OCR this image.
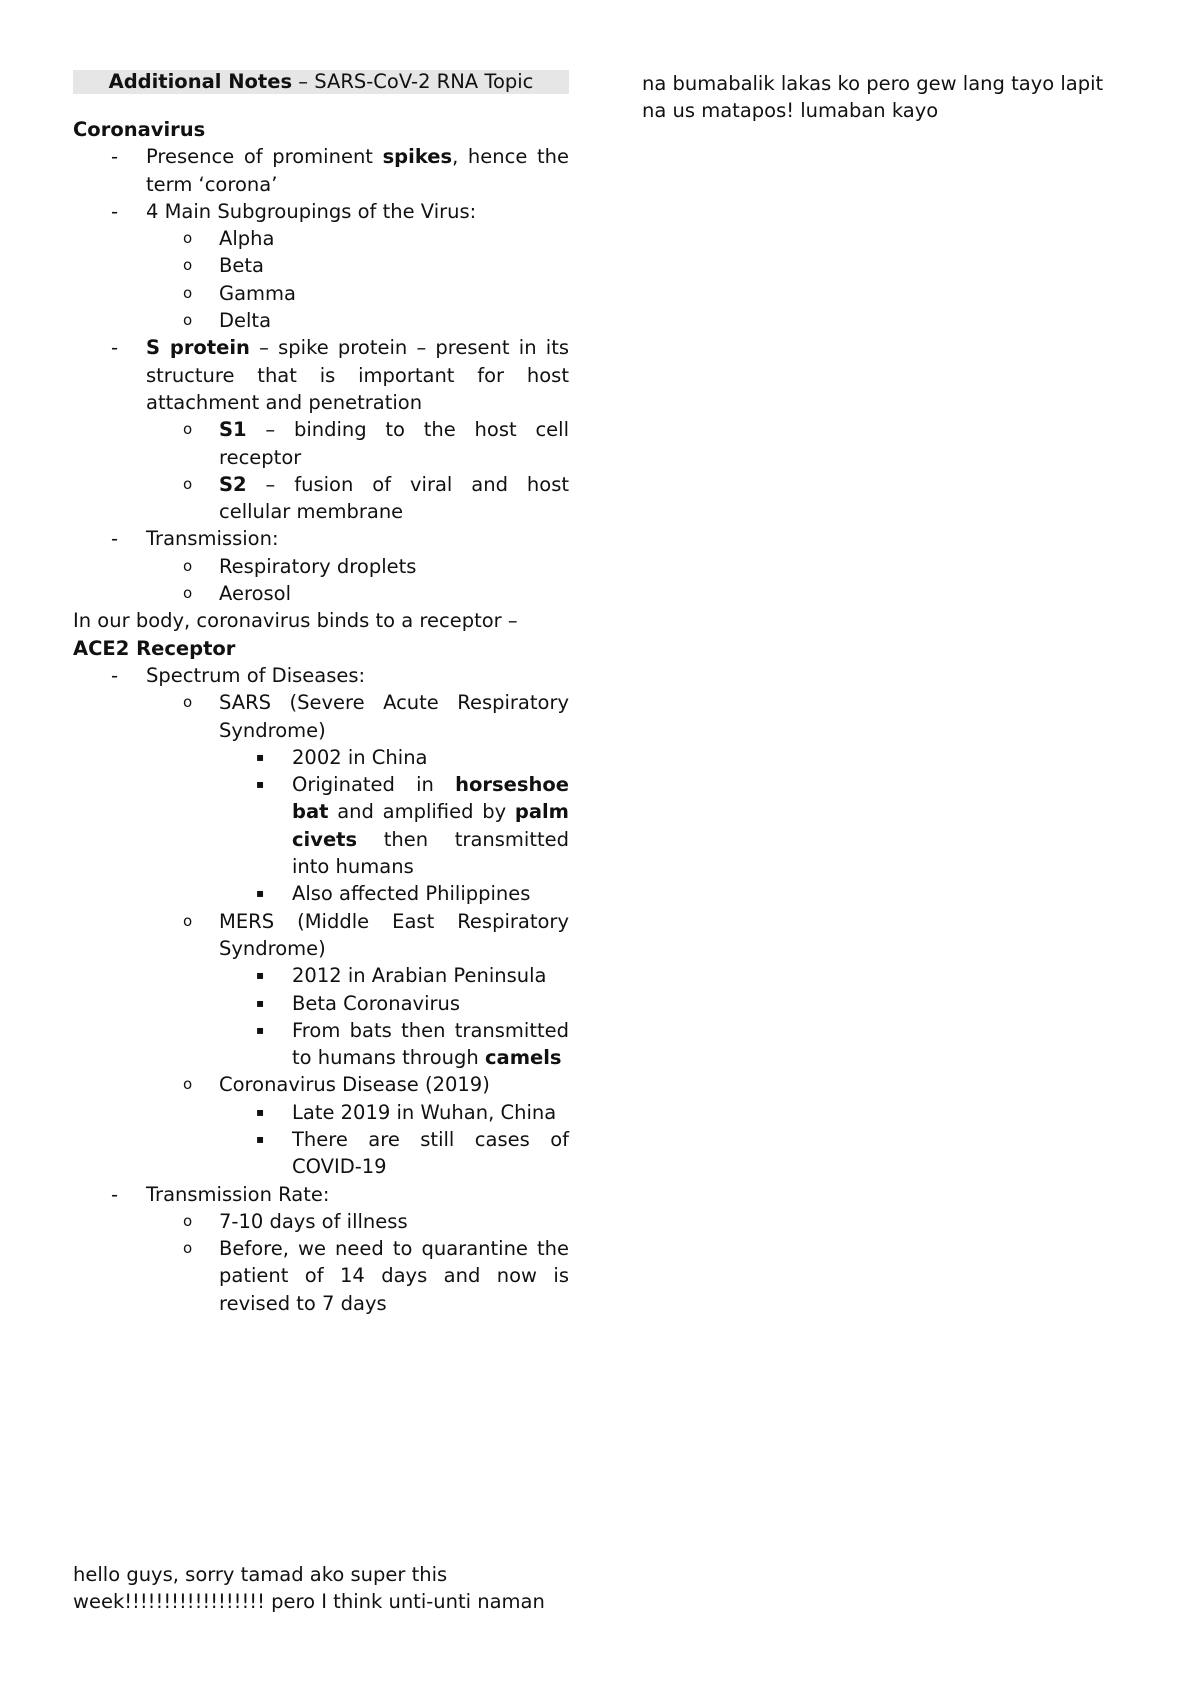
Additional Notes – SARS-CoV-2 RNA Topic

Coronavirus

- Presence of prominent spikes, hence the term ‘corona’
- 4 Main Subgroupings of the Virus:
o Alpha
o Beta
o Gamma
o Delta
- S protein – spike protein – present in its structure that is important for host attachment and penetration
o S1 – binding to the host cell receptor
o S2 – fusion of viral and host cellular membrane
- Transmission:
o Respiratory droplets
o Aerosol

In our body, coronavirus binds to a receptor –
ACE2 Receptor

- Spectrum of Diseases:
o SARS (Severe Acute Respiratory Syndrome)
▪ 2002 in China
▪ Originated in horseshoe bat and amplified by palm civets then transmitted into humans
▪ Also affected Philippines
o MERS (Middle East Respiratory Syndrome)
▪ 2012 in Arabian Peninsula
▪ Beta Coronavirus
▪ From bats then transmitted to humans through camels
o Coronavirus Disease (2019)
▪ Late 2019 in Wuhan, China
▪ There are still cases of COVID-19
- Transmission Rate:
o 7-10 days of illness
o Before, we need to quarantine the patient of 14 days and now is revised to 7 days

hello guys, sorry tamad ako super this

week!!!!!!!!!!!!!!!!!! pero I think unti-unti naman

na bumabalik lakas ko pero gew lang tayo lapit

na us matapos! lumaban kayo
